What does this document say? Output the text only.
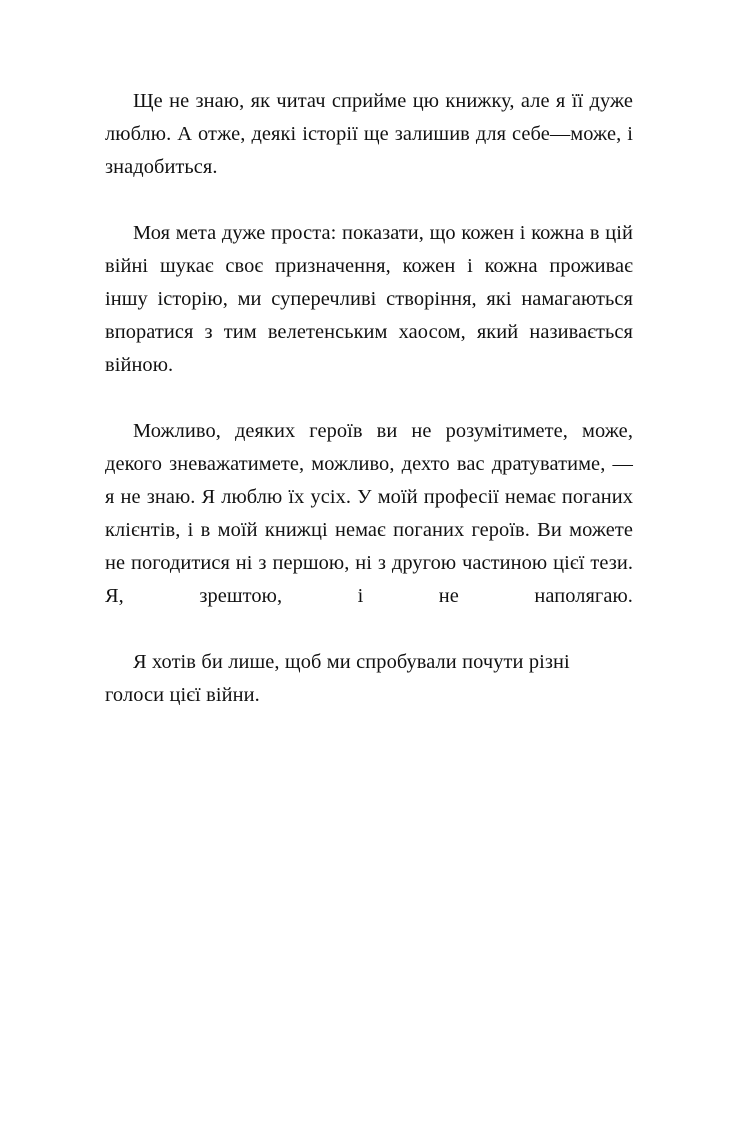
Ще не знаю, як читач сприйме цю книжку, але я її дуже люблю. А отже, деякі історії ще залишив для себе—може, і знадобиться.

Моя мета дуже проста: показати, що кожен і кожна в цій війні шукає своє призначення, кожен і кожна проживає іншу історію, ми суперечливі створіння, які намагаються впоратися з тим велетенським хаосом, який називається війною.

Можливо, деяких героїв ви не розумітимете, може, декого зневажатимете, можливо, дехто вас дратуватиме, — я не знаю. Я люблю їх усіх. У моїй професії немає поганих клієнтів, і в моїй книжці немає поганих героїв. Ви можете не погодитися ні з першою, ні з другою частиною цієї тези. Я, зрештою, і не наполягаю.

Я хотів би лише, щоб ми спробували почути різні голоси цієї війни.
